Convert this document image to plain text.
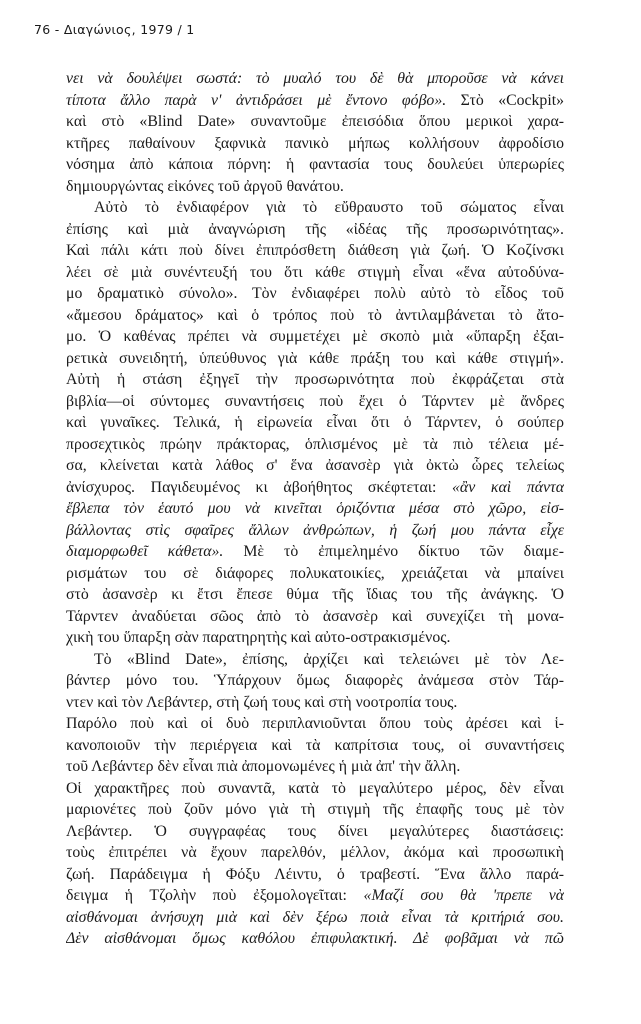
76 - Διαγώνιος, 1979 / 1
νει νὰ δουλέψει σωστά: τὸ μυαλό του δὲ θὰ μποροῦσε νὰ κάνει
τίποτα ἄλλο παρὰ ν' ἀντιδράσει μὲ ἔντονο φόβο». Στὸ «Cockpit»
καὶ στὸ «Blind Date» συναντοῦμε ἐπεισόδια ὅπου μερικοὶ χαρα-
κτῆρες παθαίνουν ξαφνικὰ πανικὸ μήπως κολλήσουν ἀφροδίσιο
νόσημα ἀπὸ κάποια πόρνη: ἡ φαντασία τους δουλεύει ὑπερωρίες
δημιουργώντας εἰκόνες τοῦ ἀργοῦ θανάτου.
Αὐτὸ τὸ ἐνδιαφέρον γιὰ τὸ εὔθραυστο τοῦ σώματος εἶναι
ἐπίσης καὶ μιὰ ἀναγνώριση τῆς «ἰδέας τῆς προσωρινότητας».
Καὶ πάλι κάτι ποὺ δίνει ἐπιπρόσθετη διάθεση γιὰ ζωή. Ὁ Κοζίνσκι
λέει σὲ μιὰ συνέντευξή του ὅτι κάθε στιγμὴ εἶναι «ἕνα αὐτοδύνα-
μο δραματικὸ σύνολο». Τὸν ἐνδιαφέρει πολὺ αὐτὸ τὸ εἶδος τοῦ
«ἄμεσου δράματος» καὶ ὁ τρόπος ποὺ τὸ ἀντιλαμβάνεται τὸ ἄτο-
μο. Ὁ καθένας πρέπει νὰ συμμετέχει μὲ σκοπὸ μιὰ «ὕπαρξη ἐξαι-
ρετικὰ συνειδητή, ὑπεύθυνος γιὰ κάθε πράξη του καὶ κάθε στιγμή».
Αὐτὴ ἡ στάση ἐξηγεῖ τὴν προσωρινότητα ποὺ ἐκφράζεται στὰ
βιβλία—οἱ σύντομες συναντήσεις ποὺ ἔχει ὁ Τάρντεν μὲ ἄνδρες
καὶ γυναῖκες. Τελικά, ἡ εἰρωνεία εἶναι ὅτι ὁ Τάρντεν, ὁ σούπερ
προσεχτικὸς πρώην πράκτορας, ὁπλισμένος μὲ τὰ πιὸ τέλεια μέ-
σα, κλείνεται κατὰ λάθος σ' ἕνα ἀσανσὲρ γιὰ ὀκτὼ ὧρες τελείως
ἀνίσχυρος. Παγιδευμένος κι ἀβοήθητος σκέφτεται: «ἂν καὶ πάντα
ἔβλεπα τὸν ἑαυτό μου νὰ κινεῖται ὁριζόντια μέσα στὸ χῶρο, εἰσ-
βάλλοντας στὶς σφαῖρες ἄλλων ἀνθρώπων, ἡ ζωή μου πάντα εἶχε
διαμορφωθεῖ κάθετα». Μὲ τὸ ἐπιμελημένο δίκτυο τῶν διαμε-
ρισμάτων του σὲ διάφορες πολυκατοικίες, χρειάζεται νὰ μπαίνει
στὸ ἀσανσὲρ κι ἔτσι ἔπεσε θύμα τῆς ἴδιας του τῆς ἀνάγκης. Ὁ
Τάρντεν ἀναδύεται σῶος ἀπὸ τὸ ἀσανσὲρ καὶ συνεχίζει τὴ μονα-
χικὴ του ὕπαρξη σὰν παρατηρητὴς καὶ αὐτο-οστρακισμένος.
Τὸ «Blind Date», ἐπίσης, ἀρχίζει καὶ τελειώνει μὲ τὸν Λε-
βάντερ μόνο του. Ὑπάρχουν ὅμως διαφορὲς ἀνάμεσα στὸν Τάρ-
ντεν καὶ τὸν Λεβάντερ, στὴ ζωή τους καὶ στὴ νοοτροπία τους.
Παρόλο ποὺ καὶ οἱ δυὸ περιπλανιοῦνται ὅπου τοὺς ἀρέσει καὶ ἱ-
κανοποιοῦν τὴν περιέργεια καὶ τὰ καπρίτσια τους, οἱ συναντήσεις
τοῦ Λεβάντερ δὲν εἶναι πιὰ ἀπομονωμένες ἡ μιὰ ἀπ' τὴν ἄλλη.
Οἱ χαρακτῆρες ποὺ συναντᾶ, κατὰ τὸ μεγαλύτερο μέρος, δὲν εἶναι
μαριονέτες ποὺ ζοῦν μόνο γιὰ τὴ στιγμὴ τῆς ἐπαφῆς τους μὲ τὸν
Λεβάντερ. Ὁ συγγραφέας τους δίνει μεγαλύτερες διαστάσεις:
τοὺς ἐπιτρέπει νὰ ἔχουν παρελθόν, μέλλον, ἀκόμα καὶ προσωπικὴ
ζωή. Παράδειγμα ἡ Φόξυ Λέιντυ, ὁ τραβεστί. Ἕνα ἄλλο παρά-
δειγμα ἡ Τζολὴν ποὺ ἐξομολογεῖται: «Μαζί σου θὰ 'πρεπε νὰ
αἰσθάνομαι ἀνήσυχη μιὰ καὶ δὲν ξέρω ποιὰ εἶναι τὰ κριτήριά σου.
Δὲν αἰσθάνομαι ὅμως καθόλου ἐπιφυλακτική. Δὲ φοβᾶμαι νὰ πῶ
